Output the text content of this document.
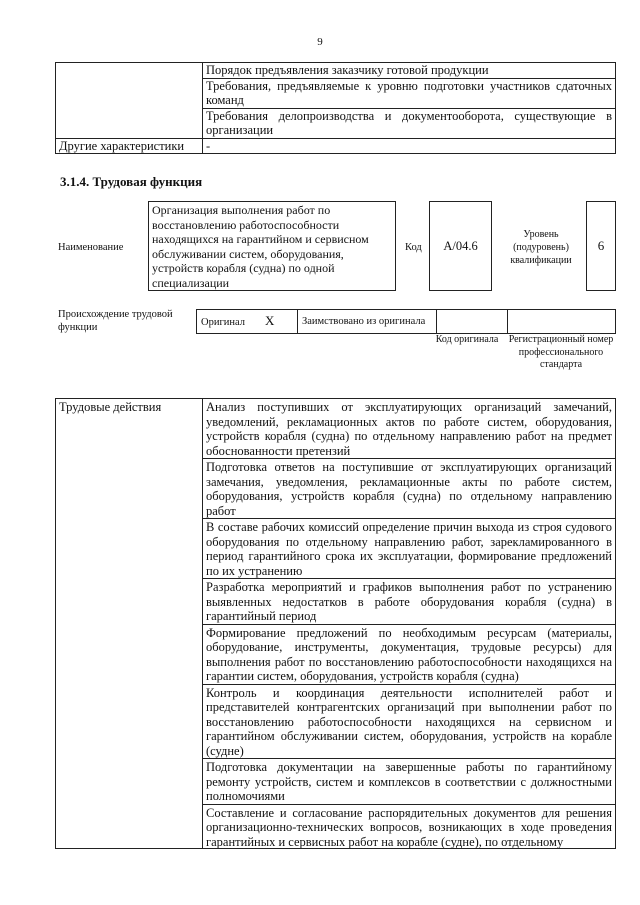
9
	Порядок предъявления заказчику готовой продукции
	Требования, предъявляемые к уровню подготовки участников сдаточных команд
	Требования делопроизводства и документооборота, существующие в организации
Другие характеристики	-
3.1.4. Трудовая функция
Наименование
Организация выполнения работ по восстановлению работоспособности находящихся на гарантийном и сервисном обслуживании систем, оборудования, устройств корабля (судна) по одной специализации
Код	A/04.6
Уровень (подуровень) квалификации
6
Происхождение трудовой функции	Оригинал X	Заимствовано из оригинала		
Код оригинала	Регистрационный номер профессионального стандарта
Трудовые действия	Анализ поступивших от эксплуатирующих организаций замечаний, уведомлений, рекламационных актов по работе систем, оборудования, устройств корабля (судна) по отдельному направлению работ на предмет обоснованности претензий
Подготовка ответов на поступившие от эксплуатирующих организаций замечания, уведомления, рекламационные акты по работе систем, оборудования, устройств корабля (судна) по отдельному направлению работ
В составе рабочих комиссий определение причин выхода из строя судового оборудования по отдельному направлению работ, зарекламированного в период гарантийного срока их эксплуатации, формирование предложений по их устранению
Разработка мероприятий и графиков выполнения работ по устранению выявленных недостатков в работе оборудования корабля (судна) в гарантийный период
Формирование предложений по необходимым ресурсам (материалы, оборудование, инструменты, документация, трудовые ресурсы) для выполнения работ по восстановлению работоспособности находящихся на гарантии систем, оборудования, устройств корабля (судна)
Контроль и координация деятельности исполнителей работ и представителей контрагентских организаций при выполнении работ по восстановлению работоспособности находящихся на сервисном и гарантийном обслуживании систем, оборудования, устройств на корабле (судне)
Подготовка документации на завершенные работы по гарантийному ремонту устройств, систем и комплексов в соответствии с должностными полномочиями

Составление и согласование распорядительных документов для решения организационно-технических вопросов, возникающих в ходе проведения гарантийных и сервисных работ на корабле (судне), по отдельному
